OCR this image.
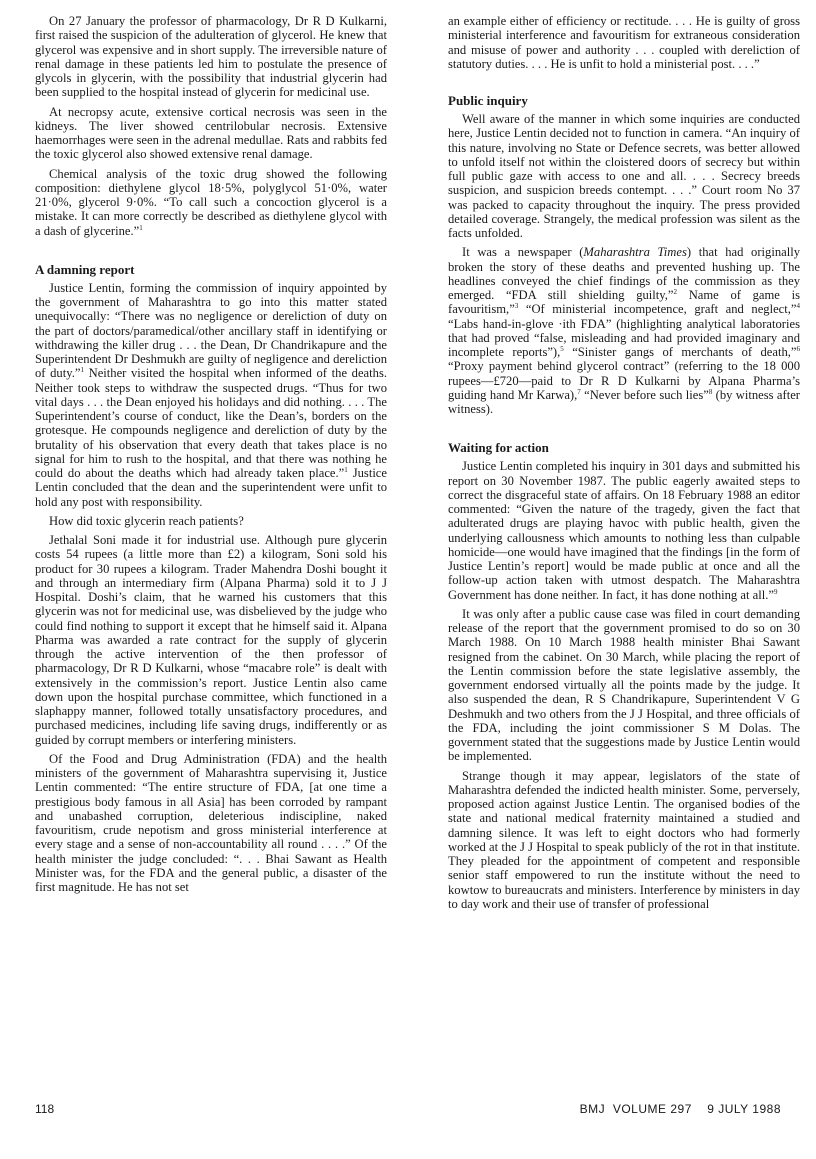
On 27 January the professor of pharmacology, Dr R D Kulkarni, first raised the suspicion of the adulteration of glycerol. He knew that glycerol was expensive and in short supply. The irreversible nature of renal damage in these patients led him to postulate the presence of glycols in glycerin, with the possibility that industrial glycerin had been supplied to the hospital instead of glycerin for medicinal use.

At necropsy acute, extensive cortical necrosis was seen in the kidneys. The liver showed centrilobular necrosis. Extensive haemorrhages were seen in the adrenal medullae. Rats and rabbits fed the toxic glycerol also showed extensive renal damage.

Chemical analysis of the toxic drug showed the following composition: diethylene glycol 18·5%, polyglycol 51·0%, water 21·0%, glycerol 9·0%. “To call such a concoction glycerol is a mistake. It can more correctly be described as diethylene glycol with a dash of glycerine.”$^1$

A damning report

Justice Lentin, forming the commission of inquiry appointed by the government of Maharashtra to go into this matter stated unequivocally: “There was no negligence or dereliction of duty on the part of doctors/paramedical/other ancillary staff in identifying or withdrawing the killer drug . . . the Dean, Dr Chandrikapure and the Superintendent Dr Deshmukh are guilty of negligence and dereliction of duty.”$^1$ Neither visited the hospital when informed of the deaths. Neither took steps to withdraw the suspected drugs. “Thus for two vital days . . . the Dean enjoyed his holidays and did nothing. . . . The Superintendent’s course of conduct, like the Dean’s, borders on the grotesque. He compounds negligence and dereliction of duty by the brutality of his observation that every death that takes place is no signal for him to rush to the hospital, and that there was nothing he could do about the deaths which had already taken place.”$^1$ Justice Lentin concluded that the dean and the superintendent were unfit to hold any post with responsibility.

How did toxic glycerin reach patients?

Jethalal Soni made it for industrial use. Although pure glycerin costs 54 rupees (a little more than £2) a kilogram, Soni sold his product for 30 rupees a kilogram. Trader Mahendra Doshi bought it and through an intermediary firm (Alpana Pharma) sold it to J J Hospital. Doshi’s claim, that he warned his customers that this glycerin was not for medicinal use, was disbelieved by the judge who could find nothing to support it except that he himself said it. Alpana Pharma was awarded a rate contract for the supply of glycerin through the active intervention of the then professor of pharmacology, Dr R D Kulkarni, whose “macabre role” is dealt with extensively in the commission’s report. Justice Lentin also came down upon the hospital purchase committee, which functioned in a slaphappy manner, followed totally unsatisfactory procedures, and purchased medicines, including life saving drugs, indifferently or as guided by corrupt members or interfering ministers.

Of the Food and Drug Administration (FDA) and the health ministers of the government of Maharashtra supervising it, Justice Lentin commented: “The entire structure of FDA, [at one time a prestigious body famous in all Asia] has been corroded by rampant and unabashed corruption, deleterious indiscipline, naked favouritism, crude nepotism and gross ministerial interference at every stage and a sense of non-accountability all round . . . .” Of the health minister the judge concluded: “. . . Bhai Sawant as Health Minister was, for the FDA and the general public, a disaster of the first magnitude. He has not set

an example either of efficiency or rectitude. . . . He is guilty of gross ministerial interference and favouritism for extraneous consideration and misuse of power and authority . . . coupled with dereliction of statutory duties. . . . He is unfit to hold a ministerial post. . . .”

Public inquiry

Well aware of the manner in which some inquiries are conducted here, Justice Lentin decided not to function in camera. “An inquiry of this nature, involving no State or Defence secrets, was better allowed to unfold itself not within the cloistered doors of secrecy but within full public gaze with access to one and all. . . . Secrecy breeds suspicion, and suspicion breeds contempt. . . .” Court room No 37 was packed to capacity throughout the inquiry. The press provided detailed coverage. Strangely, the medical profession was silent as the facts unfolded.

It was a newspaper (Maharashtra Times) that had originally broken the story of these deaths and prevented hushing up. The headlines conveyed the chief findings of the commission as they emerged. “FDA still shielding guilty,”$^2$ Name of game is favouritism,”$^3$ “Of ministerial incompetence, graft and neglect,”$^4$ “Labs hand-in-glove ·ith FDA” (highlighting analytical laboratories that had proved “false, misleading and had provided imaginary and incomplete reports”),$^5$ “Sinister gangs of merchants of death,”$^6$ “Proxy payment behind glycerol contract” (referring to the 18 000 rupees—£720—paid to Dr R D Kulkarni by Alpana Pharma’s guiding hand Mr Karwa),$^7$ “Never before such lies”$^8$ (by witness after witness).

Waiting for action

Justice Lentin completed his inquiry in 301 days and submitted his report on 30 November 1987. The public eagerly awaited steps to correct the disgraceful state of affairs. On 18 February 1988 an editor commented: “Given the nature of the tragedy, given the fact that adulterated drugs are playing havoc with public health, given the underlying callousness which amounts to nothing less than culpable homicide—one would have imagined that the findings [in the form of Justice Lentin’s report] would be made public at once and all the follow-up action taken with utmost despatch. The Maharashtra Government has done neither. In fact, it has done nothing at all.”$^9$

It was only after a public cause case was filed in court demanding release of the report that the government promised to do so on 30 March 1988. On 10 March 1988 health minister Bhai Sawant resigned from the cabinet. On 30 March, while placing the report of the Lentin commission before the state legislative assembly, the government endorsed virtually all the points made by the judge. It also suspended the dean, R S Chandrikapure, Superintendent V G Deshmukh and two others from the J J Hospital, and three officials of the FDA, including the joint commissioner S M Dolas. The government stated that the suggestions made by Justice Lentin would be implemented.

Strange though it may appear, legislators of the state of Maharashtra defended the indicted health minister. Some, perversely, proposed action against Justice Lentin. The organised bodies of the state and national medical fraternity maintained a studied and damning silence. It was left to eight doctors who had formerly worked at the J J Hospital to speak publicly of the rot in that institute. They pleaded for the appointment of competent and responsible senior staff empowered to run the institute without the need to kowtow to bureaucrats and ministers. Interference by ministers in day to day work and their use of transfer of professional

118	BMJ VOLUME 297 9 JULY 1988
